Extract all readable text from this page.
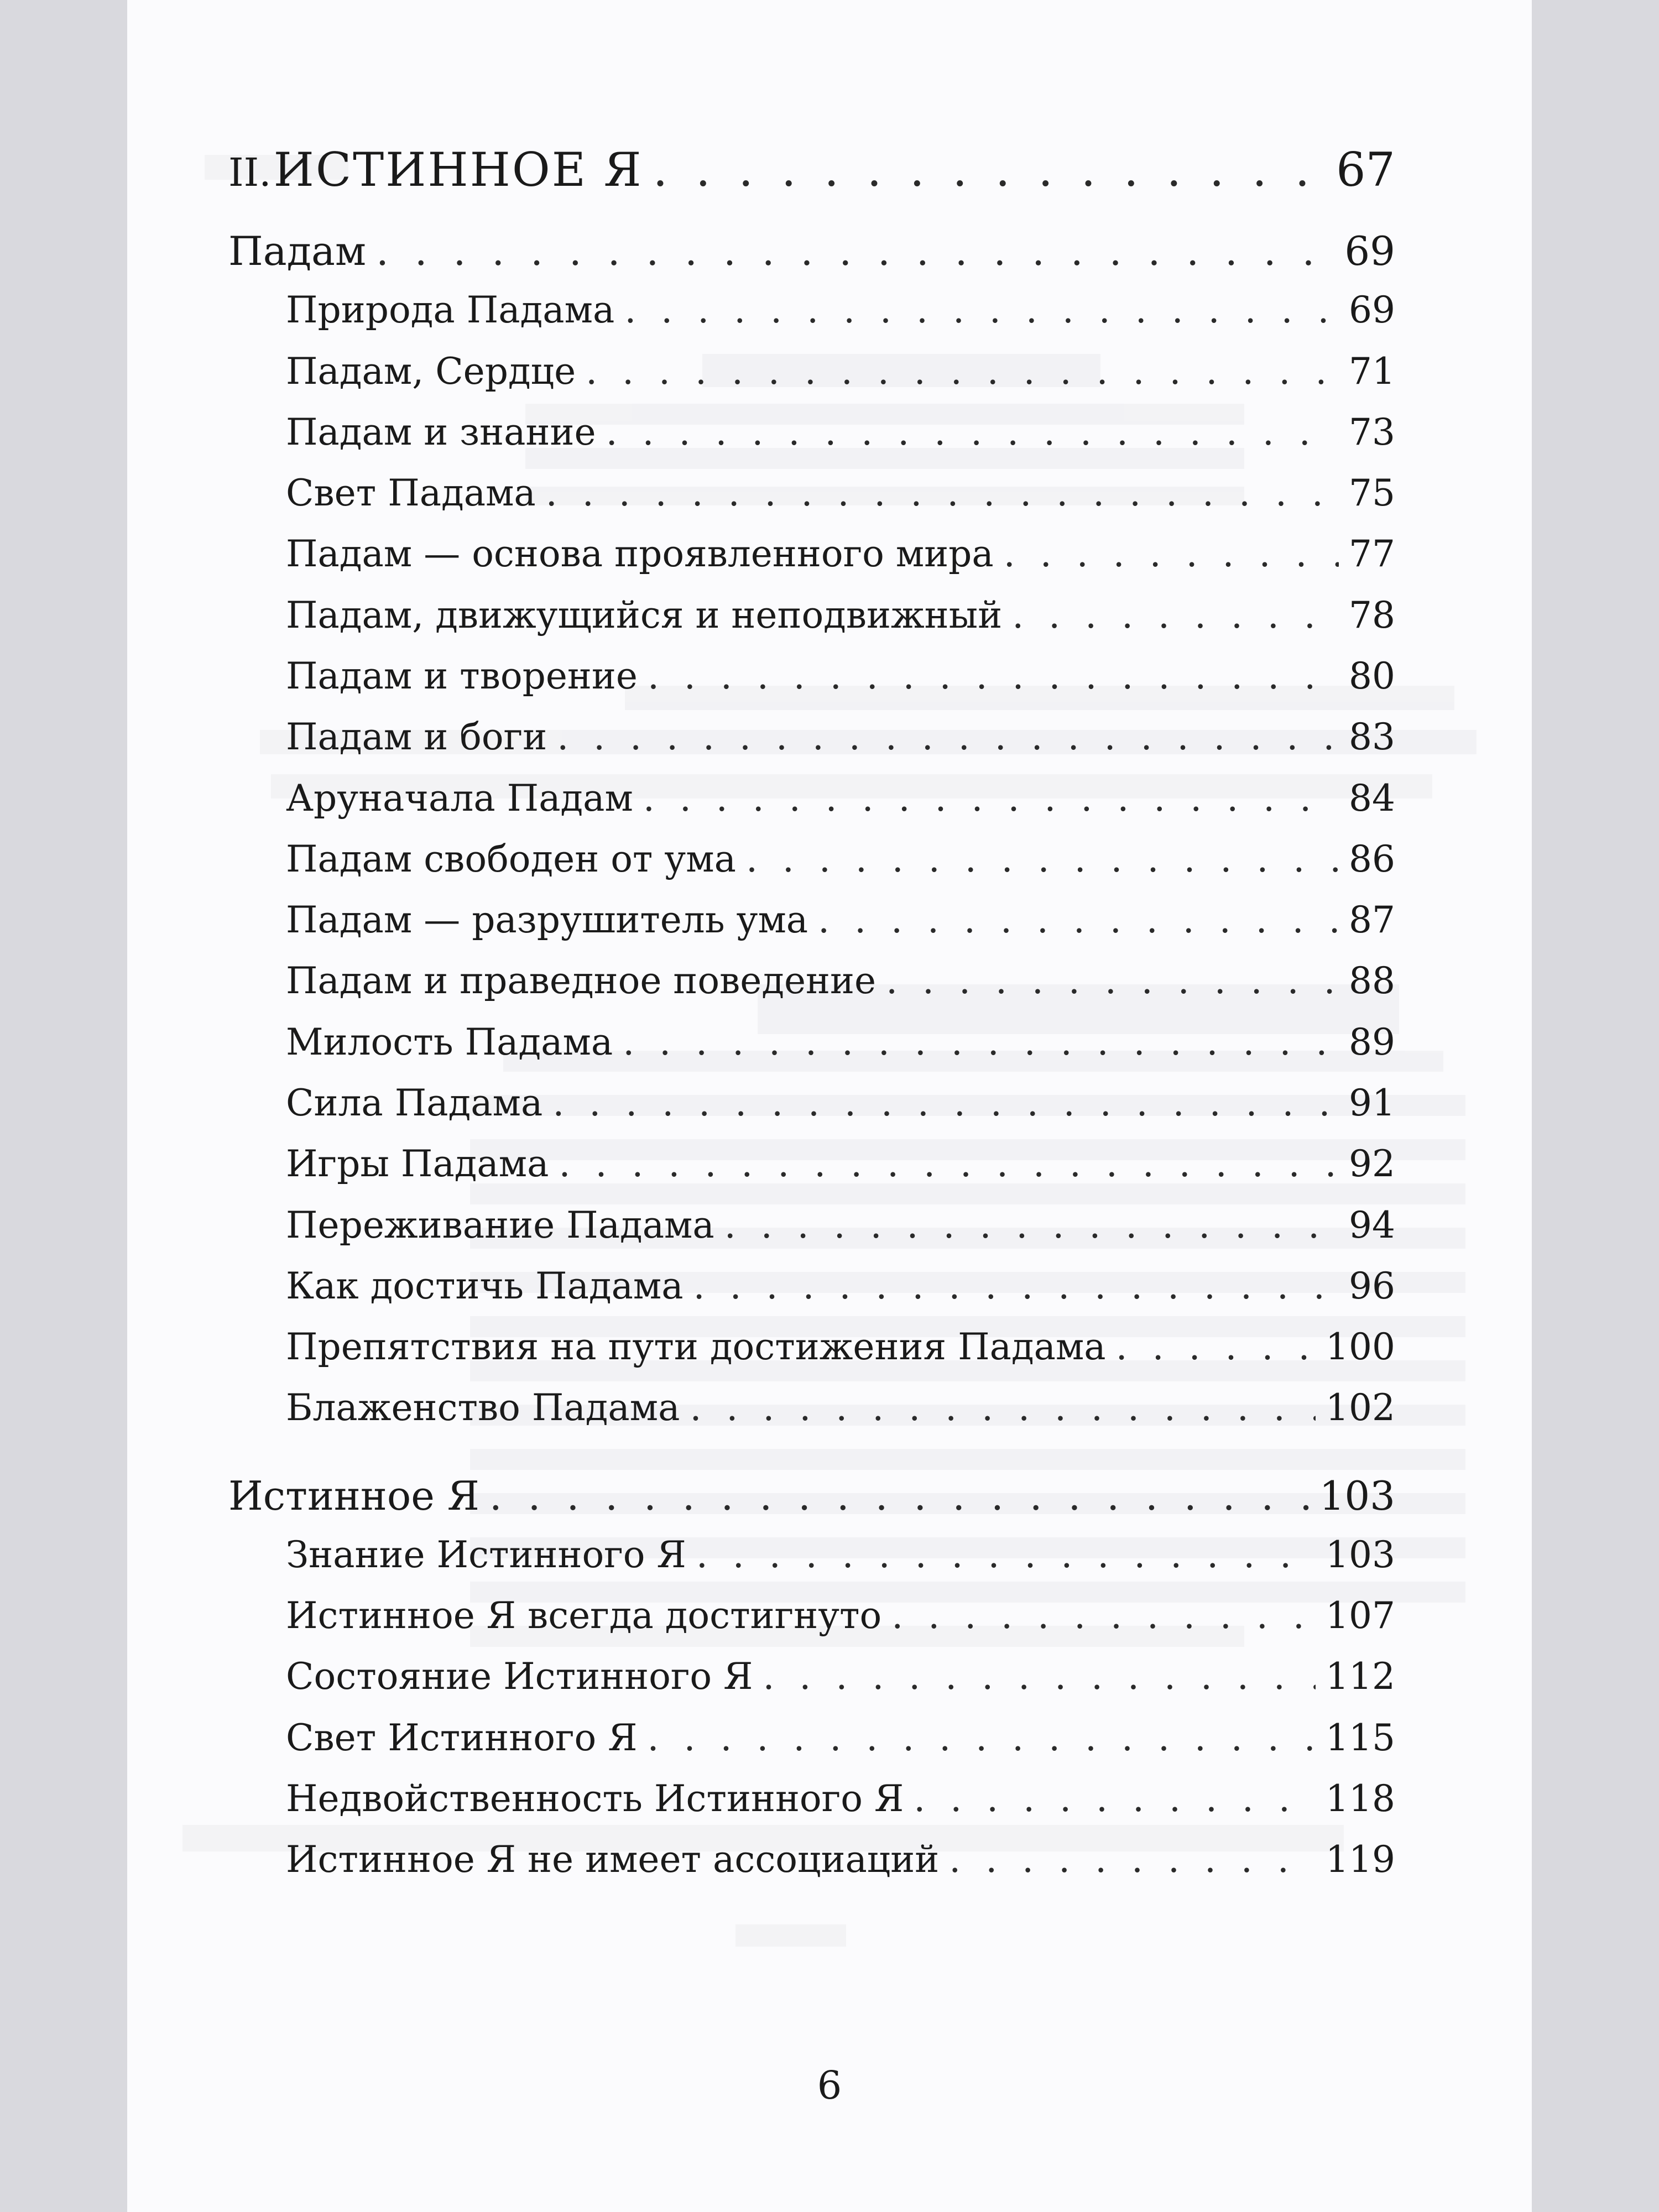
II.ИСТИННОЕ Я . . .	67
Падам . . .	69
Природа Падама . . .	69
Падам, Сердце . . .	71
Падам и знание . . .	73
Свет Падама . . .	75
Падам — основа проявленного мира . . .	77
Падам, движущийся и неподвижный . . .	78
Падам и творение . . .	80
Падам и боги . . .	83
Аруначала Падам . . .	84
Падам свободен от ума . . .	86
Падам — разрушитель ума . . .	87
Падам и праведное поведение . . .	88
Милость Падама . . .	89
Сила Падама . . .	91
Игры Падама . . .	92
Переживание Падама . . .	94
Как достичь Падама . . .	96
Препятствия на пути достижения Падама . . .	100
Блаженство Падама . . .	102
Истинное Я . . .	103
Знание Истинного Я . . .	103
Истинное Я всегда достигнуто . . .	107
Состояние Истинного Я . . .	112
Свет Истинного Я . . .	115
Недвойственность Истинного Я . . .	118
Истинное Я не имеет ассоциаций . . .	119
6
